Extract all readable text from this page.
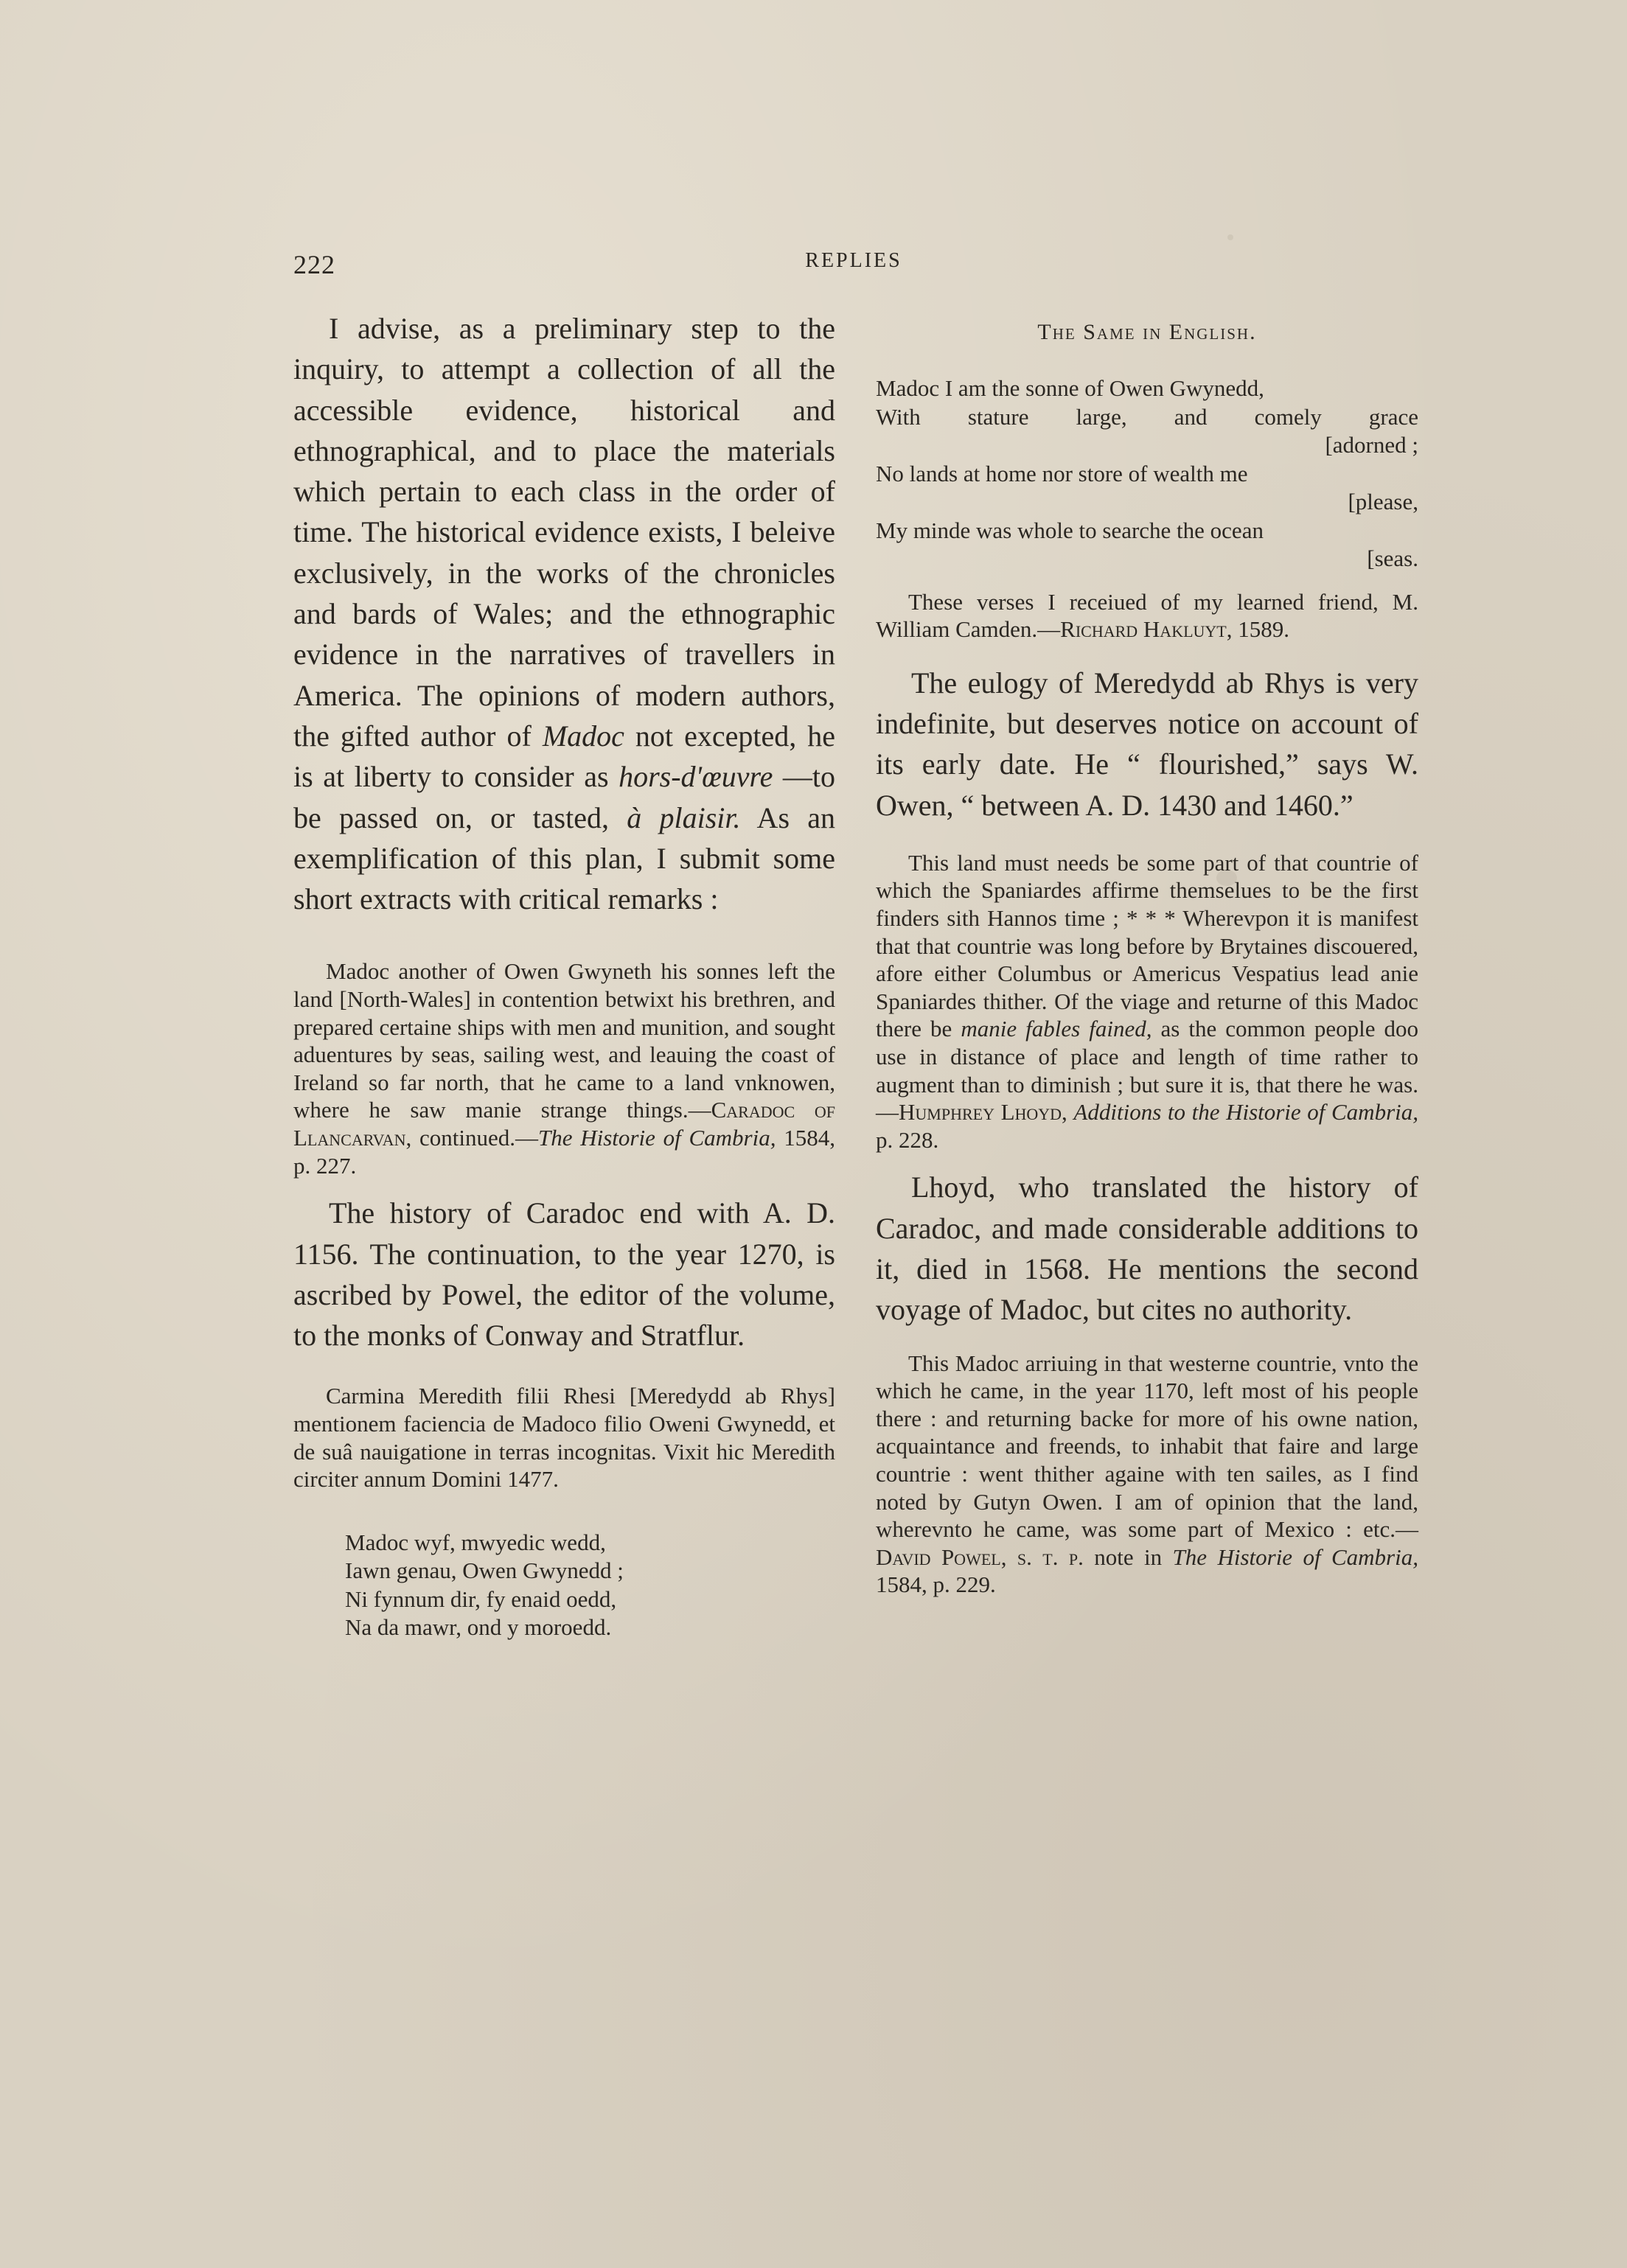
222	REPLIES

I advise, as a preliminary step to the inquiry, to attempt a collection of all the accessible evidence, historical and ethnographical, and to place the materials which pertain to each class in the order of time. The historical evidence exists, I beleive exclusively, in the works of the chronicles and bards of Wales; and the ethnographic evidence in the narratives of travellers in America. The opinions of modern authors, the gifted author of Madoc not excepted, he is at liberty to consider as hors-d'œuvre —to be passed on, or tasted, à plaisir. As an exemplification of this plan, I submit some short extracts with critical remarks :

Madoc another of Owen Gwyneth his sonnes left the land [North-Wales] in contention betwixt his brethren, and prepared certaine ships with men and munition, and sought aduentures by seas, sailing west, and leauing the coast of Ireland so far north, that he came to a land vnknowen, where he saw manie strange things.—Caradoc of Llancarvan, continued.—The Historie of Cambria, 1584, p. 227.

The history of Caradoc end with A. D. 1156. The continuation, to the year 1270, is ascribed by Powel, the editor of the volume, to the monks of Conway and Stratflur.

Carmina Meredith filii Rhesi [Meredydd ab Rhys] mentionem faciencia de Madoco filio Oweni Gwynedd, et de suâ nauigatione in terras incognitas. Vixit hic Meredith circiter annum Domini 1477.

Madoc wyf, mwyedic wedd,

Iawn genau, Owen Gwynedd ;

Ni fynnum dir, fy enaid oedd,

Na da mawr, ond y moroedd.

The Same in English.

Madoc I am the sonne of Owen Gwynedd,

With stature large, and comely grace

[adorned ;

No lands at home nor store of wealth me

[please,

My minde was whole to searche the ocean

[seas.

These verses I receiued of my learned friend, M. William Camden.—Richard Hakluyt, 1589.

The eulogy of Meredydd ab Rhys is very indefinite, but deserves notice on account of its early date. He “ flourished,” says W. Owen, “ between A. D. 1430 and 1460.”

This land must needs be some part of that countrie of which the Spaniardes affirme themselues to be the first finders sith Hannos time ; * * * Wherevpon it is manifest that that countrie was long before by Brytaines discouered, afore either Columbus or Americus Vespatius lead anie Spaniardes thither. Of the viage and returne of this Madoc there be manie fables fained, as the common people doo use in distance of place and length of time rather to augment than to diminish ; but sure it is, that there he was.—Humphrey Lhoyd, Additions to the Historie of Cambria, p. 228.

Lhoyd, who translated the history of Caradoc, and made considerable additions to it, died in 1568. He mentions the second voyage of Madoc, but cites no authority.

This Madoc arriuing in that westerne countrie, vnto the which he came, in the year 1170, left most of his people there : and returning backe for more of his owne nation, acquaintance and freends, to inhabit that faire and large countrie : went thither againe with ten sailes, as I find noted by Gutyn Owen. I am of opinion that the land, wherevnto he came, was some part of Mexico : etc.—David Powel, s. t. p. note in The Historie of Cambria, 1584, p. 229.
